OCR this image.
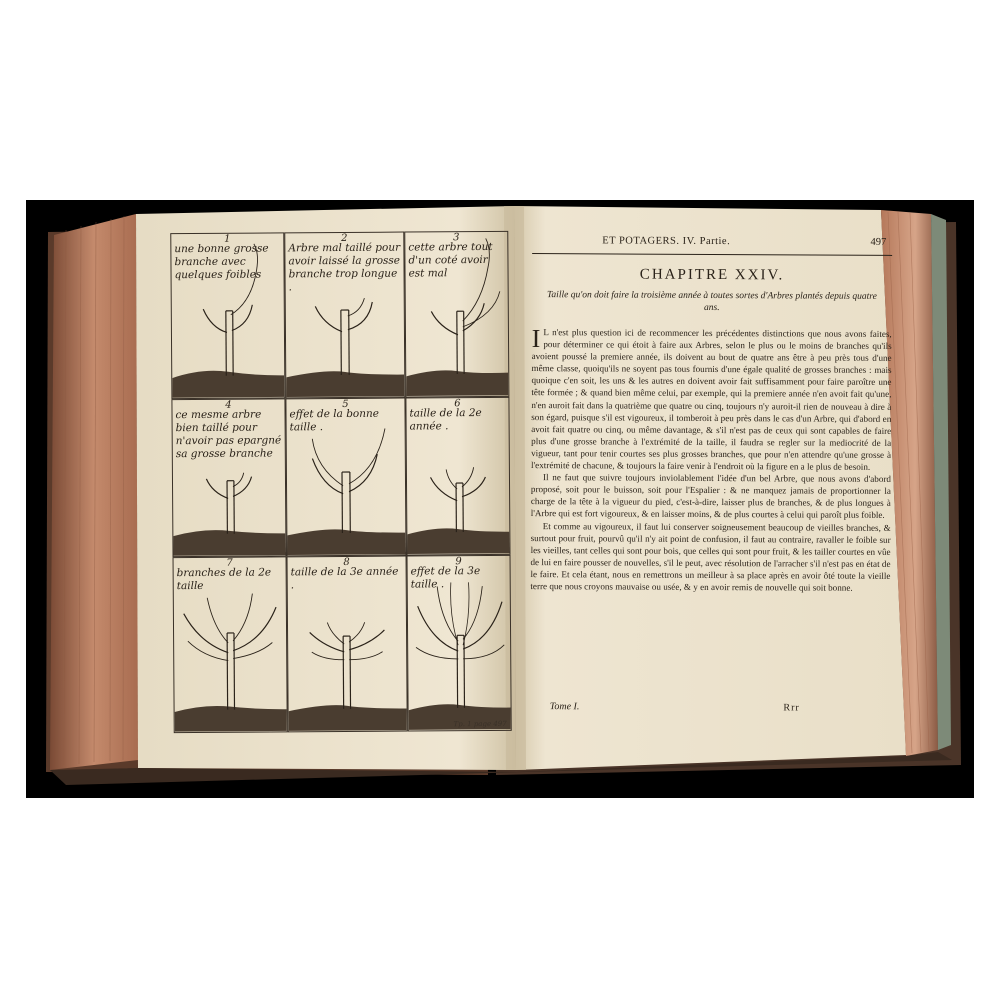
1
une bonne grosse branche avec quelques foibles
2
Arbre mal taillé pour avoir laissé la grosse branche trop longue .
3
cette arbre tout d'un coté avoir est mal
4
ce mesme arbre bien taillé pour n'avoir pas epargné sa grosse branche
5
effet de la bonne taille .
6
taille de la 2e année .
7
branches de la 2e taille
8
taille de la 3e année .
9
effet de la 3e taille .
Tp. 1 page 497
ET POTAGERS. IV. Partie.	497
CHAPITRE XXIV.
Taille qu'on doit faire la troisième année à toutes sortes d'Arbres plantés depuis quatre ans.

I L n'est plus question ici de recommencer les précédentes distinctions que nous avons faites, pour déterminer ce qui étoit à faire aux Arbres, selon le plus ou le moins de branches qu'ils avoient poussé la premiere année, ils doivent au bout de quatre ans être à peu près tous d'une même classe, quoiqu'ils ne soyent pas tous fournis d'une égale qualité de grosses branches : mais quoique c'en soit, les uns & les autres en doivent avoir fait suffisamment pour faire paroître une tête formée ; & quand bien même celui, par exemple, qui la premiere année n'en avoit fait qu'une, n'en auroit fait dans la quatrième que quatre ou cinq, toujours n'y auroit-il rien de nouveau à dire à son égard, puisque s'il est vigoureux, il tomberoit à peu près dans le cas d'un Arbre, qui d'abord en avoit fait quatre ou cinq, ou même davantage, & s'il n'est pas de ceux qui sont capables de faire plus d'une grosse branche à l'extrémité de la taille, il faudra se regler sur la mediocrité de la vigueur, tant pour tenir courtes ses plus grosses branches, que pour n'en attendre qu'une grosse à l'extrémité de chacune, & toujours la faire venir à l'endroit où la figure en a le plus de besoin.

Il ne faut que suivre toujours inviolablement l'idée d'un bel Arbre, que nous avons d'abord proposé, soit pour le buisson, soit pour l'Espalier : & ne manquez jamais de proportionner la charge de la tête à la vigueur du pied, c'est-à-dire, laisser plus de branches, & de plus longues à l'Arbre qui est fort vigoureux, & en laisser moins, & de plus courtes à celui qui paroît plus foible.

Et comme au vigoureux, il faut lui conserver soigneusement beaucoup de vieilles branches, & surtout pour fruit, pourvû qu'il n'y ait point de confusion, il faut au contraire, ravaller le foible sur les vieilles, tant celles qui sont pour bois, que celles qui sont pour fruit, & les tailler courtes en vûe de lui en faire pousser de nouvelles, s'il le peut, avec résolution de l'arracher s'il n'est pas en état de le faire. Et cela étant, nous en remettrons un meilleur à sa place après en avoir ôté toute la vieille terre que nous croyons mauvaise ou usée, & y en avoir remis de nouvelle qui soit bonne.

Tome I.	Rrr
